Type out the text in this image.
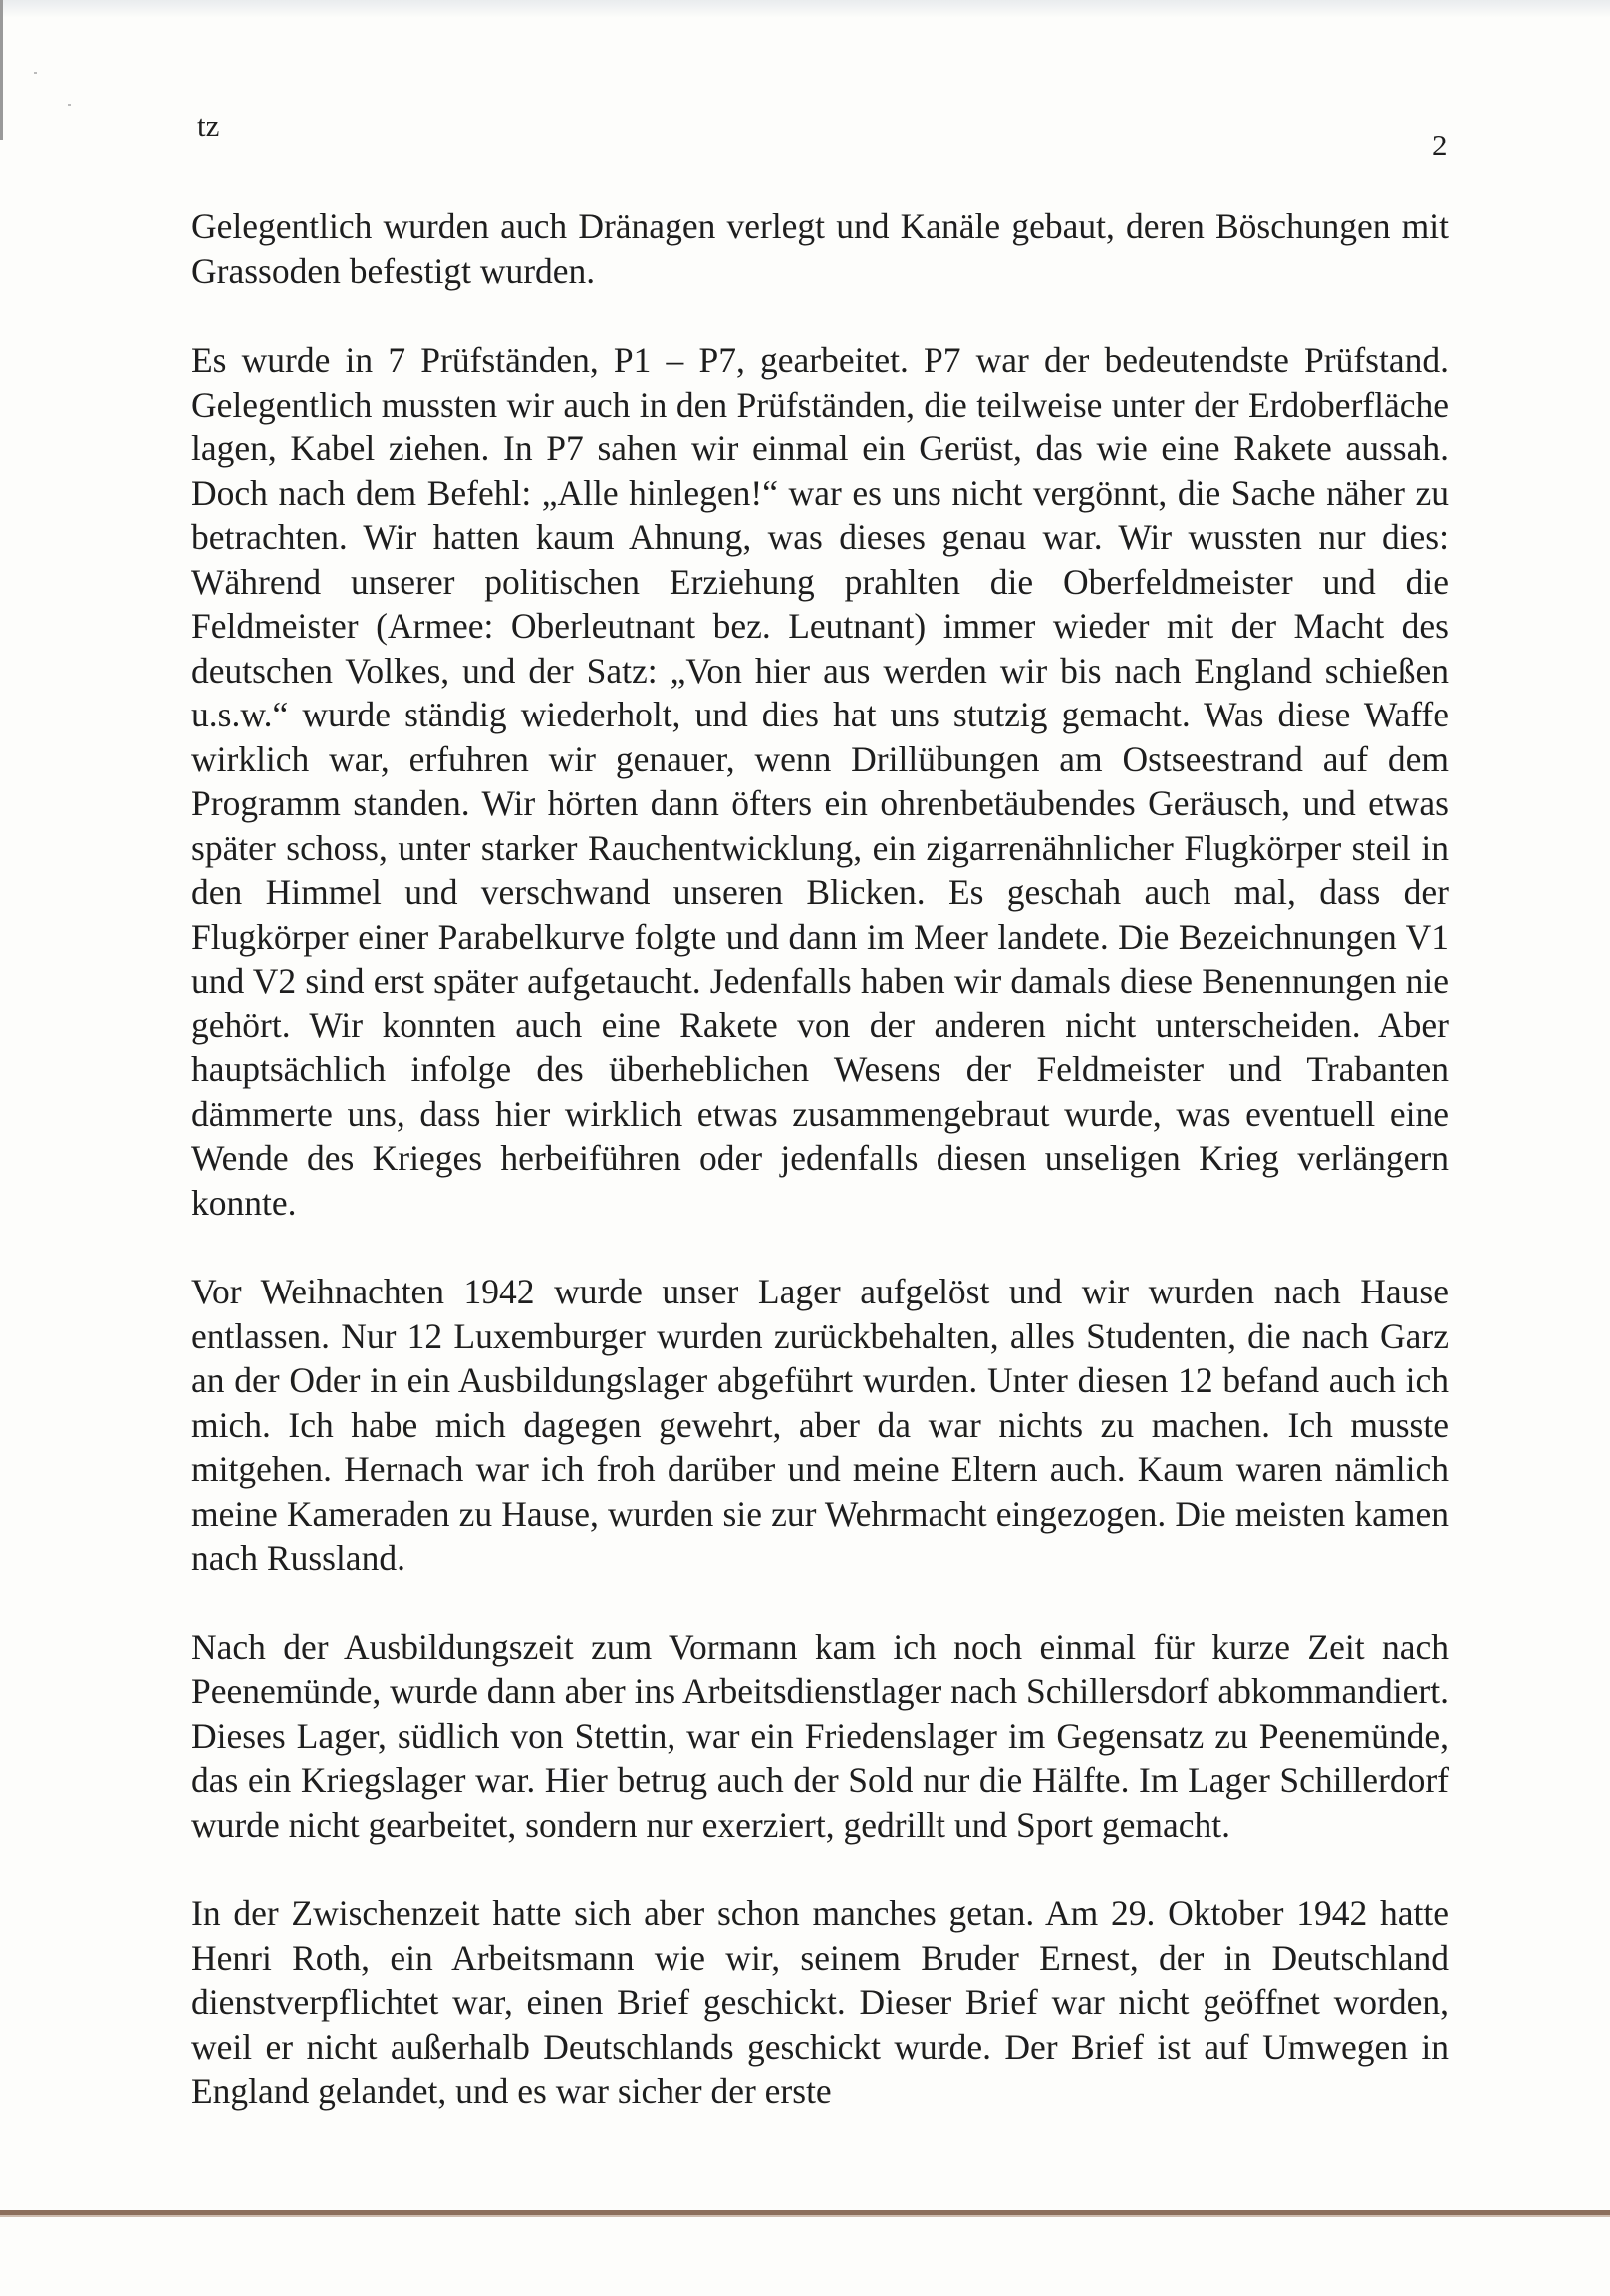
tz
2

Gelegentlich wurden auch Dränagen verlegt und Kanäle gebaut, deren Böschungen mit Grassoden befestigt wurden.

Es wurde in 7 Prüfständen, P1 – P7, gearbeitet. P7 war der bedeutendste Prüfstand. Gelegentlich mussten wir auch in den Prüfständen, die teilweise unter der Erdoberfläche lagen, Kabel ziehen. In P7 sahen wir einmal ein Gerüst, das wie eine Rakete aussah. Doch nach dem Befehl: „Alle hinlegen!“ war es uns nicht vergönnt, die Sache näher zu betrachten. Wir hatten kaum Ahnung, was dieses genau war. Wir wussten nur dies: Während unserer politischen Erziehung prahlten die Oberfeldmeister und die Feldmeister (Armee: Oberleutnant bez. Leutnant) immer wieder mit der Macht des deutschen Volkes, und der Satz: „Von hier aus werden wir bis nach England schießen u.s.w.“ wurde ständig wiederholt, und dies hat uns stutzig gemacht. Was diese Waffe wirklich war, erfuhren wir genauer, wenn Drillübungen am Ostseestrand auf dem Programm standen. Wir hörten dann öfters ein ohrenbetäubendes Geräusch, und etwas später schoss, unter starker Rauchentwicklung, ein zigarrenähnlicher Flugkörper steil in den Himmel und verschwand unseren Blicken. Es geschah auch mal, dass der Flugkörper einer Parabelkurve folgte und dann im Meer landete. Die Bezeichnungen V1 und V2 sind erst später aufgetaucht. Jedenfalls haben wir damals diese Benennungen nie gehört. Wir konnten auch eine Rakete von der anderen nicht unterscheiden. Aber hauptsächlich infolge des überheblichen Wesens der Feldmeister und Trabanten dämmerte uns, dass hier wirklich etwas zusammengebraut wurde, was eventuell eine Wende des Krieges herbeiführen oder jedenfalls diesen unseligen Krieg verlängern konnte.

Vor Weihnachten 1942 wurde unser Lager aufgelöst und wir wurden nach Hause entlassen. Nur 12 Luxemburger wurden zurückbehalten, alles Studenten, die nach Garz an der Oder in ein Ausbildungslager abgeführt wurden. Unter diesen 12 befand auch ich mich. Ich habe mich dagegen gewehrt, aber da war nichts zu machen. Ich musste mitgehen. Hernach war ich froh darüber und meine Eltern auch. Kaum waren nämlich meine Kameraden zu Hause, wurden sie zur Wehrmacht eingezogen. Die meisten kamen nach Russland.

Nach der Ausbildungszeit zum Vormann kam ich noch einmal für kurze Zeit nach Peenemünde, wurde dann aber ins Arbeitsdienstlager nach Schillersdorf abkommandiert. Dieses Lager, südlich von Stettin, war ein Friedenslager im Gegensatz zu Peenemünde, das ein Kriegslager war. Hier betrug auch der Sold nur die Hälfte. Im Lager Schillerdorf wurde nicht gearbeitet, sondern nur exerziert, gedrillt und Sport gemacht.

In der Zwischenzeit hatte sich aber schon manches getan. Am 29. Oktober 1942 hatte Henri Roth, ein Arbeitsmann wie wir, seinem Bruder Ernest, der in Deutschland dienstverpflichtet war, einen Brief geschickt. Dieser Brief war nicht geöffnet worden, weil er nicht außerhalb Deutschlands geschickt wurde. Der Brief ist auf Umwegen in England gelandet, und es war sicher der erste
